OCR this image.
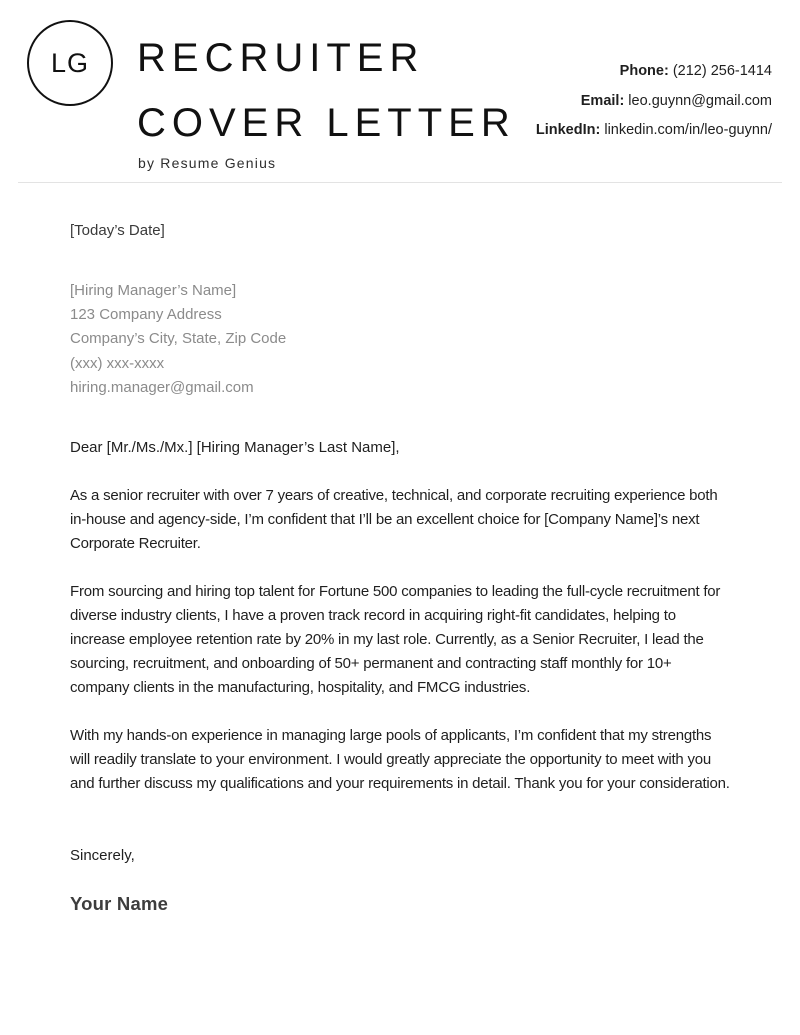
LG RECRUITER
COVER LETTER
by Resume Genius
Phone: (212) 256-1414
Email: leo.guynn@gmail.com
LinkedIn: linkedin.com/in/leo-guynn/
[Today’s Date]
[Hiring Manager’s Name]
123 Company Address
Company’s City, State, Zip Code
(xxx) xxx-xxxx
hiring.manager@gmail.com
Dear [Mr./Ms./Mx.] [Hiring Manager’s Last Name],
As a senior recruiter with over 7 years of creative, technical, and corporate recruiting experience both in-house and agency-side, I’m confident that I’ll be an excellent choice for [Company Name]’s next Corporate Recruiter.
From sourcing and hiring top talent for Fortune 500 companies to leading the full-cycle recruitment for diverse industry clients, I have a proven track record in acquiring right-fit candidates, helping to increase employee retention rate by 20% in my last role. Currently, as a Senior Recruiter, I lead the sourcing, recruitment, and onboarding of 50+ permanent and contracting staff monthly for 10+ company clients in the manufacturing, hospitality, and FMCG industries.
With my hands-on experience in managing large pools of applicants, I’m confident that my strengths will readily translate to your environment. I would greatly appreciate the opportunity to meet with you and further discuss my qualifications and your requirements in detail. Thank you for your consideration.
Sincerely,
Your Name
